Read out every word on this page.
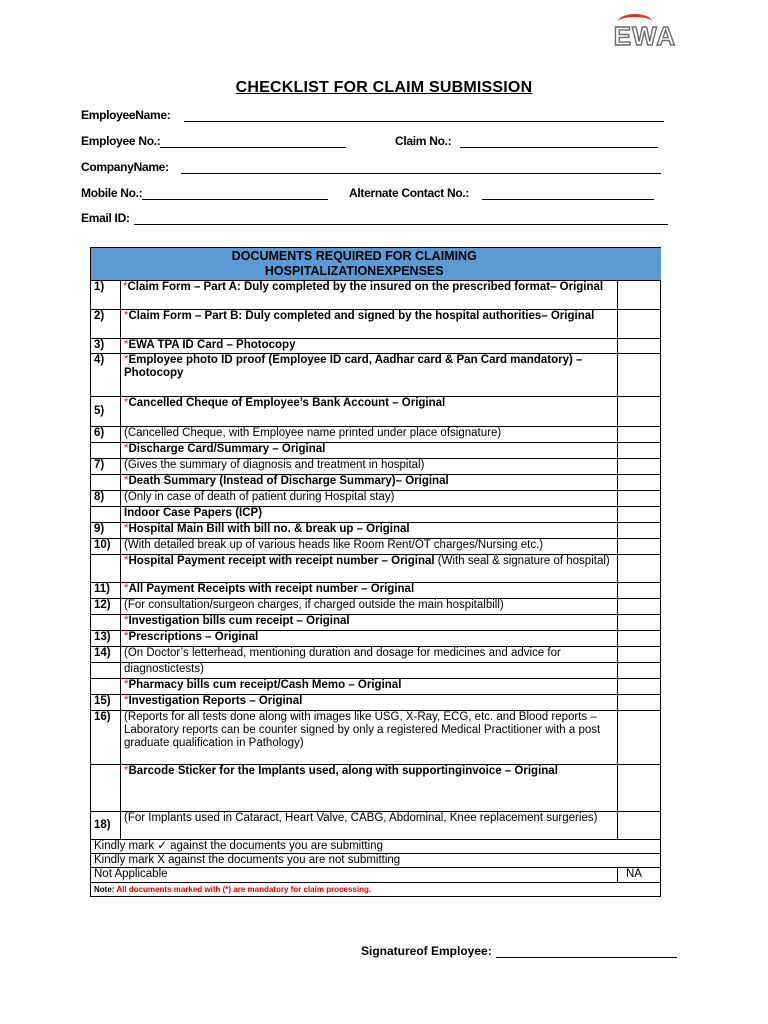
EWA
CHECKLIST FOR CLAIM SUBMISSION
EmployeeName:
Employee No.:	Claim No.:
CompanyName:
Mobile No.:	Alternate Contact No.:
Email ID:
DOCUMENTS REQUIRED FOR CLAIMING HOSPITALIZATIONEXPENSES		
1)	*Claim Form – Part A: Duly completed by the insured on the prescribed format– Original	
2)	*Claim Form – Part B: Duly completed and signed by the hospital authorities– Original	
3)	*EWA TPA ID Card – Photocopy	
4)	*Employee photo ID proof (Employee ID card, Aadhar card & Pan Card mandatory) – Photocopy	
5)	*Cancelled Cheque of Employee’s Bank Account – Original	
6)	(Cancelled Cheque, with Employee name printed under place ofsignature)	
	*Discharge Card/Summary – Original	
7)	(Gives the summary of diagnosis and treatment in hospital)	
	*Death Summary (Instead of Discharge Summary)– Original	
8)	(Only in case of death of patient during Hospital stay)	
	Indoor Case Papers (ICP)	
9)	*Hospital Main Bill with bill no. & break up – Original	
10)	(With detailed break up of various heads like Room Rent/OT charges/Nursing etc.)	
	*Hospital Payment receipt with receipt number – Original (With seal & signature of hospital)	
11)	*All Payment Receipts with receipt number – Original	
12)	(For consultation/surgeon charges, if charged outside the main hospitalbill)	
	*Investigation bills cum receipt – Original	
13)	*Prescriptions – Original	
14)	(On Doctor’s letterhead, mentioning duration and dosage for medicines and advice for	
	diagnostictests)	
	*Pharmacy bills cum receipt/Cash Memo – Original	
15)	*Investigation Reports – Original	
16)	(Reports for all tests done along with images like USG, X-Ray, ECG, etc. and Blood reports – Laboratory reports can be counter signed by only a registered Medical Practitioner with a post graduate qualification in Pathology)	
	*Barcode Sticker for the Implants used, along with supportinginvoice – Original	
18)	(For Implants used in Cataract, Heart Valve, CABG, Abdominal, Knee replacement surgeries)	
Kindly mark ✓ against the documents you are submitting		
Kindly mark X against the documents you are not submitting		
Not Applicable		NA
Note: All documents marked with (*) are mandatory for claim processing.		
Signatureof Employee:
